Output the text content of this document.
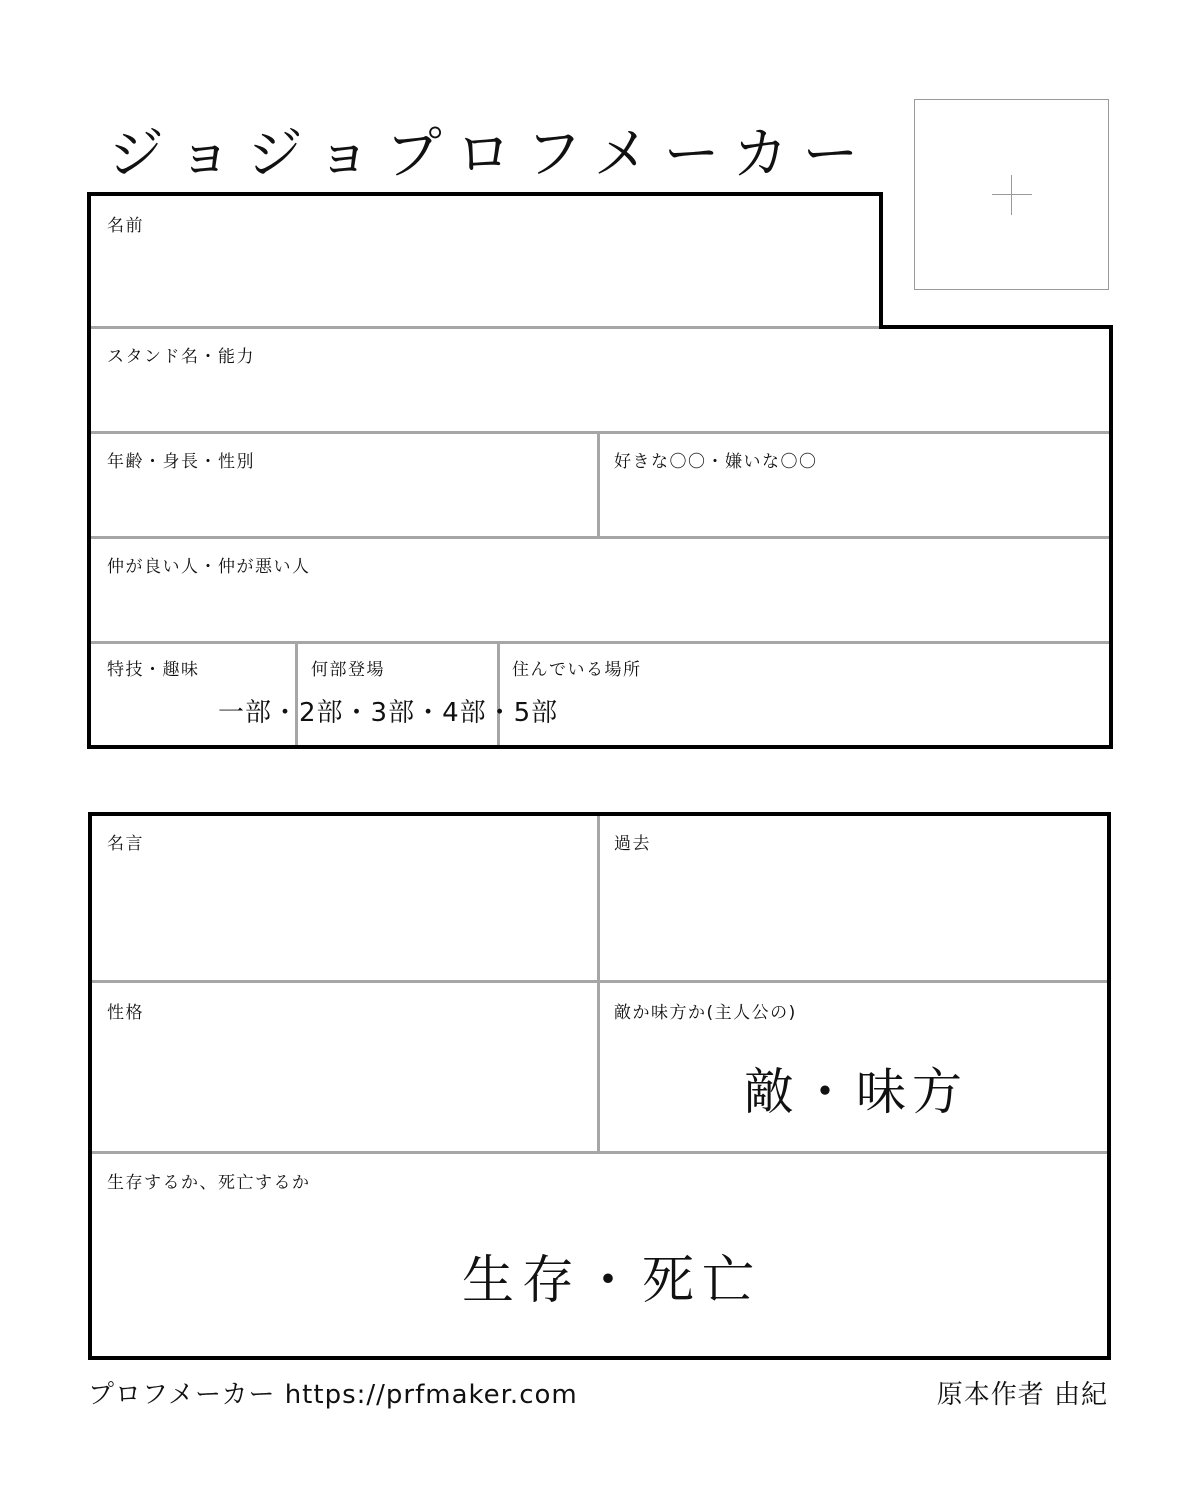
ジョジョプロフメーカー
名前
スタンド名・能力
年齢・身長・性別	好きな〇〇・嫌いな〇〇
仲が良い人・仲が悪い人
特技・趣味	何部登場	住んでいる場所
一部・2部・3部・4部・5部
名言	過去
性格	敵か味方か(主人公の)
敵・味方
生存するか、死亡するか
生存・死亡
プロフメーカー https://prfmaker.com	原本作者 由紀
